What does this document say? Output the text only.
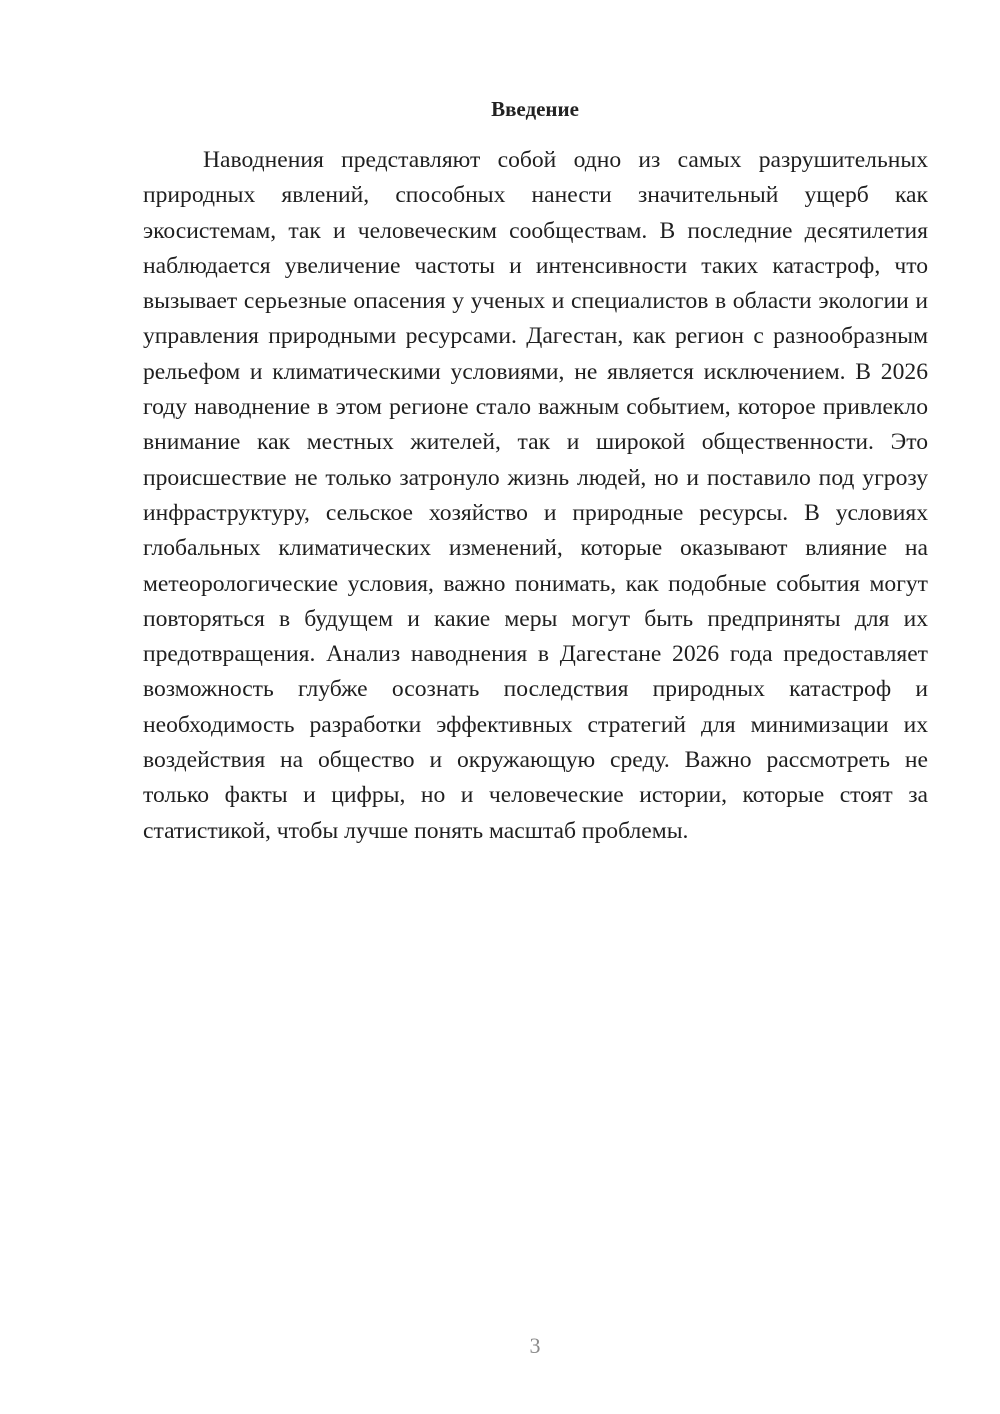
Введение

Наводнения представляют собой одно из самых разрушительных природных явлений, способных нанести значительный ущерб как экосистемам, так и человеческим сообществам. В последние десятилетия наблюдается увеличение частоты и интенсивности таких катастроф, что вызывает серьезные опасения у ученых и специалистов в области экологии и управления природными ресурсами. Дагестан, как регион с разнообразным рельефом и климатическими условиями, не является исключением. В 2026 году наводнение в этом регионе стало важным событием, которое привлекло внимание как местных жителей, так и широкой общественности. Это происшествие не только затронуло жизнь людей, но и поставило под угрозу инфраструктуру, сельское хозяйство и природные ресурсы. В условиях глобальных климатических изменений, которые оказывают влияние на метеорологические условия, важно понимать, как подобные события могут повторяться в будущем и какие меры могут быть предприняты для их предотвращения. Анализ наводнения в Дагестане 2026 года предоставляет возможность глубже осознать последствия природных катастроф и необходимость разработки эффективных стратегий для минимизации их воздействия на общество и окружающую среду. Важно рассмотреть не только факты и цифры, но и человеческие истории, которые стоят за статистикой, чтобы лучше понять масштаб проблемы.

3
